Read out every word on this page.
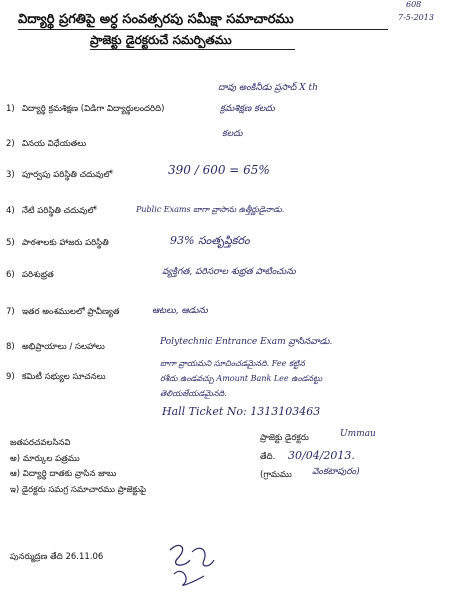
విద్యార్థి ప్రగతిపై అర్ధ సంవత్సరపు సమీక్షా సమాచారము
ప్రాజెక్టు డైరక్టరుచే సమర్పితము
608
7-5-2013
దావు అంకినీడు ప్రసాద్ X th
1) విద్యార్థి క్రమశిక్షణ (విడిగా విద్యార్థులందరిది)	క్రమశిక్షణ కలదు
2) వినయ విధేయతలు
కలదు
3) పూర్వపు పరిస్థితి చదువులో	390 / 600 = 65%
4) నేటి పరిస్థితి చదువులో	Public Exams బాగా వ్రాసాను ఉత్తీర్ణుడైనాడు.
5) పాఠశాలకు హాజరు పరిస్థితి	93% సంతృప్తికరం
6) పరిశుభ్రత	వ్యక్తిగత, పరిసరాల శుభ్రత పాటించును
7) ఇతర అంశములలో ప్రావీణ్యత	ఆటలు, ఆడును
8) అభిప్రాయాలు / సలహాలు	Polytechnic Entrance Exam వ్రాసినవాడు.
9) కమిటీ సభ్యుల సూచనలు
బాగా వ్రాయమని సూచించడమైనది. Fee కట్టిన
రశీదు ఉండవచ్చు Amount Bank Lee ఉండనట్టు
తెలియజేయడమైనది.
Hall Ticket No: 1313103463
ప్రాజెక్టు డైరక్టరు	Ummau
తేది. 30/04/2013.
(గ్రామము వెంకటాపురం)
జతపరచవలసినవి
అ) మార్కుల పత్రము
ఆ) విద్యార్థి దాతకు వ్రాసిన జాబు
ఇ) డైరక్టరు సమగ్ర సమాచారము ప్రాజెక్టుపై
పునర్ముద్రణ తేది 26.11.06
